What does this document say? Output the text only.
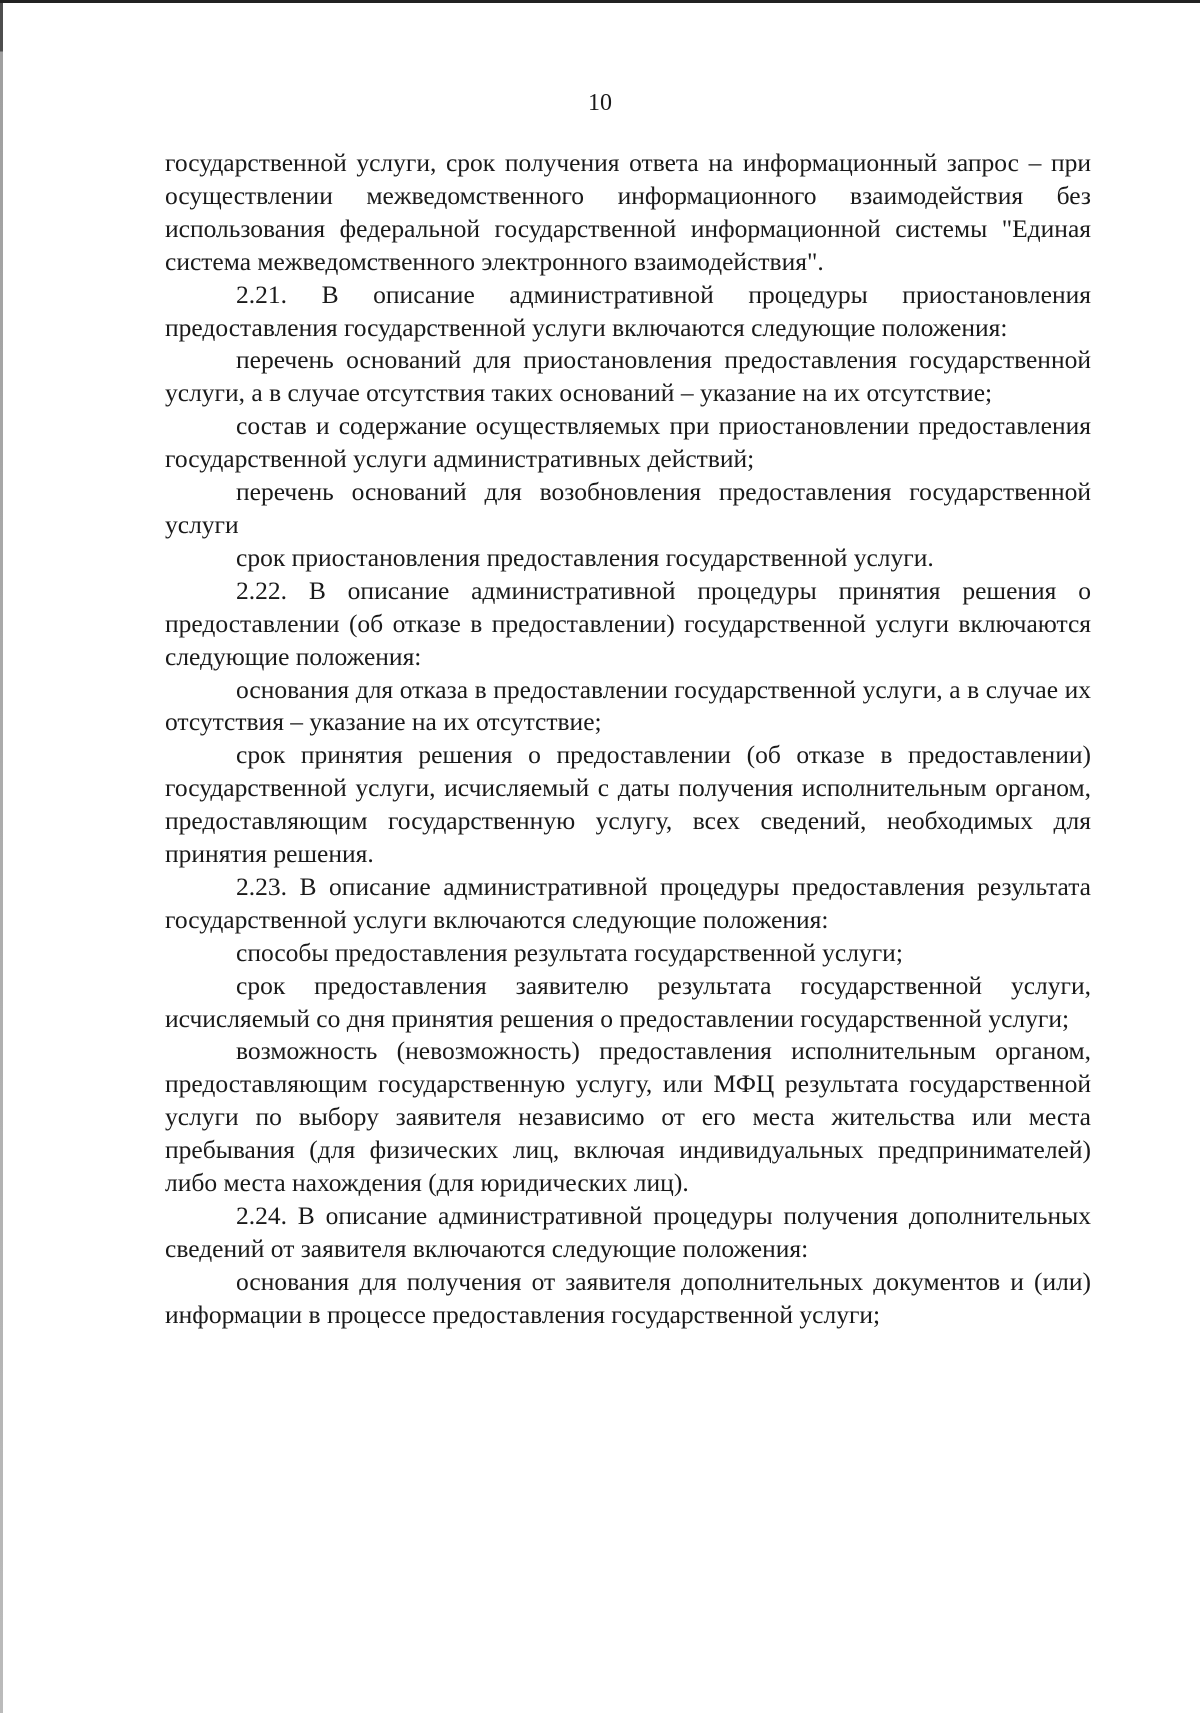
10

государственной услуги, срок получения ответа на информационный запрос – при осуществлении межведомственного информационного взаимодействия без использования федеральной государственной информационной системы "Единая система межведомственного электронного взаимодействия".

2.21. В описание административной процедуры приостановления предоставления государственной услуги включаются следующие положения:

перечень оснований для приостановления предоставления государственной услуги, а в случае отсутствия таких оснований – указание на их отсутствие;

состав и содержание осуществляемых при приостановлении предоставления государственной услуги административных действий;

перечень оснований для возобновления предоставления государственной услуги

срок приостановления предоставления государственной услуги.

2.22. В описание административной процедуры принятия решения о предоставлении (об отказе в предоставлении) государственной услуги включаются следующие положения:

основания для отказа в предоставлении государственной услуги, а в случае их отсутствия – указание на их отсутствие;

срок принятия решения о предоставлении (об отказе в предоставлении) государственной услуги, исчисляемый с даты получения исполнительным органом, предоставляющим государственную услугу, всех сведений, необходимых для принятия решения.

2.23. В описание административной процедуры предоставления результата государственной услуги включаются следующие положения:

способы предоставления результата государственной услуги;

срок предоставления заявителю результата государственной услуги, исчисляемый со дня принятия решения о предоставлении государственной услуги;

возможность (невозможность) предоставления исполнительным органом, предоставляющим государственную услугу, или МФЦ результата государственной услуги по выбору заявителя независимо от его места жительства или места пребывания (для физических лиц, включая индивидуальных предпринимателей) либо места нахождения (для юридических лиц).

2.24. В описание административной процедуры получения дополнительных сведений от заявителя включаются следующие положения:

основания для получения от заявителя дополнительных документов и (или) информации в процессе предоставления государственной услуги;
